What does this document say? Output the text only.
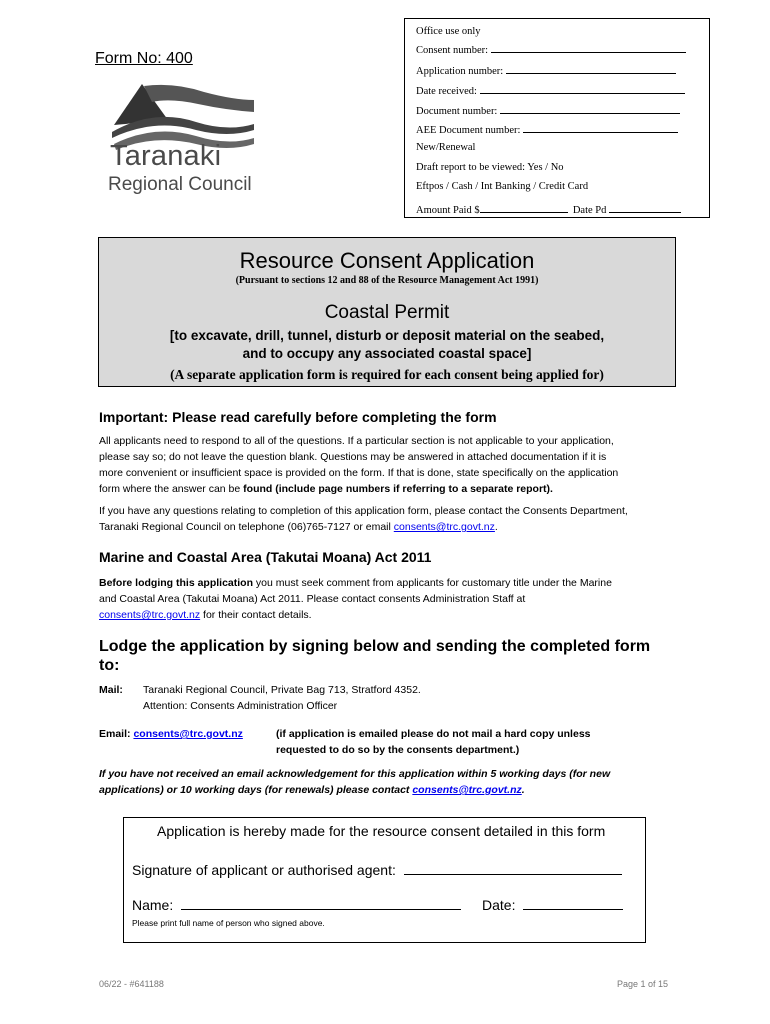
Office use only
Consent number:
Application number:
Date received:
Document number:
AEE Document number:
New/Renewal
Draft report to be viewed: Yes / No
Eftpos / Cash / Int Banking / Credit Card
Amount Paid $	Date Pd
Form No: 400
Taranaki
Regional Council
Resource Consent Application
(Pursuant to sections 12 and 88 of the Resource Management Act 1991)
Coastal Permit
[to excavate, drill, tunnel, disturb or deposit material on the seabed,
and to occupy any associated coastal space]
(A separate application form is required for each consent being applied for)
Important: Please read carefully before completing the form
All applicants need to respond to all of the questions. If a particular section is not applicable to your application,
please say so; do not leave the question blank. Questions may be answered in attached documentation if it is
more convenient or insufficient space is provided on the form. If that is done, state specifically on the application
form where the answer can be found (include page numbers if referring to a separate report).
If you have any questions relating to completion of this application form, please contact the Consents Department,
Taranaki Regional Council on telephone (06)765-7127 or email consents@trc.govt.nz.
Marine and Coastal Area (Takutai Moana) Act 2011
Before lodging this application you must seek comment from applicants for customary title under the Marine
and Coastal Area (Takutai Moana) Act 2011. Please contact consents Administration Staff at
consents@trc.govt.nz for their contact details.
Lodge the application by signing below and sending the completed form
to:
Mail: Taranaki Regional Council, Private Bag 713, Stratford 4352.
Attention: Consents Administration Officer
Email: consents@trc.govt.nz	(if application is emailed please do not mail a hard copy unless
requested to do so by the consents department.)
If you have not received an email acknowledgement for this application within 5 working days (for new
applications) or 10 working days (for renewals) please contact consents@trc.govt.nz.
Application is hereby made for the resource consent detailed in this form
Signature of applicant or authorised agent:
Name:	Date:
Please print full name of person who signed above.
06/22 - #641188	Page 1 of 15
